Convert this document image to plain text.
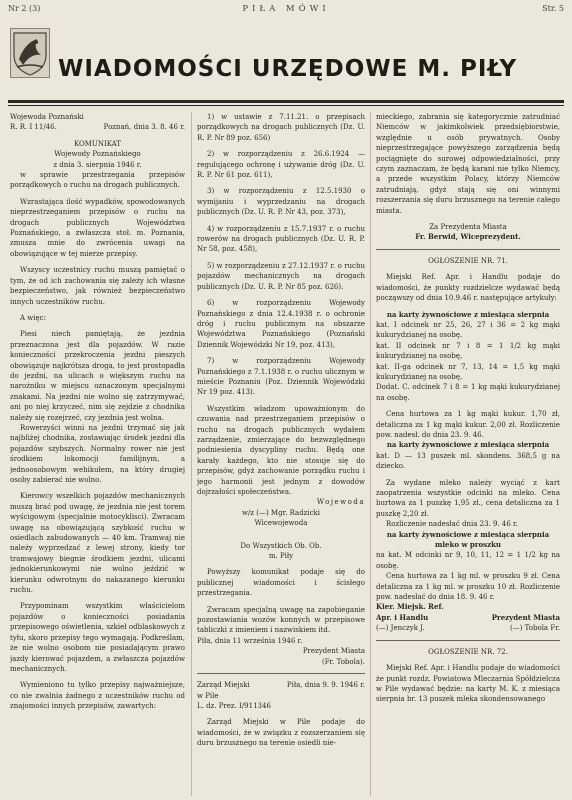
Nr 2 (3)	PIŁA MÓWI	Str. 5
WIADOMOŚCI URZĘDOWE M. PIŁY

Wojewoda Poznański

R. R. I 11/46.	Poznań, dnia 3. 8. 46 r.

KOMUNIKAT

Wojewody Poznańskiego

z dnia 3. sierpnia 1946 r.

w sprawie przestrzegania przepisów porządkowych o ruchu na drogach publicznych.

Wzrastająca ilość wypadków, spowodowanych nieprzestrzeganiem przepisów o ruchu na drogach publicznych Województwa Poznańskiego, a zwłaszcza stoł. m. Poznania, zmusza mnie do zwrócenia uwagi na obowiązujące w tej mierze przepisy.

Wszyscy uczestnicy ruchu muszą pamiętać o tym, że od ich zachowania się zależy ich własne bezpieczeństwo, jak również bezpieczeństwo innych uczestników ruchu.

A więc:

Piesi niech pamiętają, że jezdnia przeznaczona jest dla pojazdów. W razie konieczności przekroczenia jezdni pieszych obowiązuje najkrótsza droga, to jest prostopadła do jezdni, na ulicach o większym ruchu na narożniku w miejscu oznaczonym specjalnymi znakami. Na jezdni nie wolno się zatrzymywać, ani po niej krzyczeć, nim się zejdzie z chodnika należy się rozejrzeć, czy jezdnia jest wolna.

Rowerzyści winni na jezdni trzymać się jak najbliżej chodnika, zostawiając środek jezdni dla pojazdów szybszych. Normalny rower nie jest środkiem lokomocji familijnym, a jednoosobowym wehikułem, na który drugiej osoby zabierać nie wolno.

Kierowcy wszelkich pojazdów mechanicznych muszą brać pod uwagę, że jezdnia nie jest torem wyścigowym (specjalnie motocyklisci). Zwracam uwagę na obowiązującą szybkość ruchu w osiedlach zabudowanych — 40 km. Tramwaj nie należy wyprzedzać z lewej strony, kiedy tor tramwajowy biegnie środkiem jezdni, ulicami jednokierunkowymi nie wolno jeździć w kierunku odwrotnym do nakazanego kierunku ruchu.

Przypominam wszystkim właścicielom pojazdów o konieczności posiadania przepisowego oświetlenia, szkieł odblaskowych z tyłu, skoro przepisy tego wymagają. Podkreślam, że nie wolno osobom nie posiadającym prawo jazdy kierować pojazdem, a zwłaszcza pojazdów mechanicznych.

Wymieniono tu tylko przepisy najważniejsze, co nie zwalnia żadnego z uczestników ruchu od znajomości innych przepisów, zawartych:

1) w ustawie z 7.11.21. o przepisach porządkowych na drogach publicznych (Dz. U. R. P. Nr 89 poz. 656)

2) w rozporządzeniu z 26.6.1924 — regulującego ochronę i używanie dróg (Dz. U. R. P. Nr 61 poz. 611),

3) w rozporządzeniu z 12.5.1930 o wymijaniu i wyprzedzaniu na drogach publicznych (Dz. U. R. P. Nr 43, poz. 373),

4) w rozporządzeniu z 15.7.1937 r. o ruchu rowerów na drogach publicznych (Dz. U. R. P. Nr 58, poz. 458),

5) w rozporządzeniu z 27.12.1937 r. o ruchu pojazdów mechanicznych na drogach publicznych (Dz. U. R. P. Nr 85 poz. 626).

6) w rozporządzeniu Wojewody Poznańskiego z dnia 12.4.1938 r. o ochronie dróg i ruchu publicznym na obszarze Województwa Poznańskiego (Poznański Dziennik Wojewódzki Nr 19, poz. 413),

7) w rozporządzeniu Wojewody Poznańskiego z 7.1.1938 r. o ruchu ulicznym w mieście Poznaniu (Poz. Dziennik Wojewódzki Nr 19 poz. 413).

Wszystkim władzom upoważnionym do czuwania nad przestrzeganiem przepisów o ruchu na drogach publicznych wydałem zarządzenie, zmierzające do bezwzględnego podniesienia dyscypliny ruchu. Będą one karały każdego, kto nie stosuje się do przepisów, gdyż zachowanie porządku ruchu i jego harmonii jest jednym z dowodów dojrzałości społeczeństwa.

Wojewoda

w/z (—) Mgr. Radzicki

Wicewojewoda

Do Wszystkich Ob. Ob.

m. Piły

Powyższy komunikat podaje się do publicznej wiadomości i ścisłego przestrzegania.

Zwracam specjalną uwagę na zapobieganie pozostawiania wozów konnych w przepisowe tabliczki z imieniem i nazwiskiem itd.

Piła, dnia 11 września 1946 r.

Prezydent Miasta

(Fr. Tobola).

Zarząd Miejski	Piła, dnia 9. 9. 1946 r.

w Pile

L. dz. Prez. I/911346

Zarząd Miejski w Pile podaje do wiadomości, że w związku z rozszerzaniem się duru brzusznego na terenie osiedli nie-

mieckiego, zabrania się kategorycznie zatrudniać Niemców w jakimkolwiek przedsiębiorstwie, względnie u osób prywatnych. Osoby nieprzestrzegające powyższego zarządzenia będą pociągnięte do surowej odpowiedzialności, przy czym zaznaczam, że będą karani nie tylko Niemcy, a przede wszystkim Polacy, którzy Niemców zatrudniają, gdyż stają się oni winnymi rozszerzania się duru brzusznego na terenie całego miasta.

Za Prezydenta Miasta

Fr. Berwid, Wiceprezydent.

OGŁOSZENIE NR. 71.

Miejski Ref. Apr. i Handlu podaje do wiadomości, że punkty rozdzielcze wydawać będą począwszy od dnia 10.9.46 r. następujące artykuły:

na karty żywnościowe z miesiąca sierpnia

kat. I odcinek nr 25, 26, 27 i 36 = 2 kg mąki kukurydzianej na osobę.

kat. II odcinek nr 7 i 8 = 1 1/2 kg mąki kukurydzianej na osobę,

kat. II-ga odcinek nr 7, 13, 14 = 1,5 kg mąki kukurydzianej na osobę,

Dodat. C. odcinek 7 i 8 = 1 kg mąki kukurydzianej na osobę.

Cena hurtowa za 1 kg mąki kukur. 1,70 zł, detaliczna za 1 kg mąki kukur. 2,00 zł. Rozliczenie pow. nadesł. do dnia 23. 9. 46.

na karty żywnościowe z miesiąca sierpnia

kat. D — 13 puszek ml. skondens. 368,5 g na dziecko.

Za wydane mleko należy wyciąć z kart zaopatrzenia wszystkie odcinki na mleko. Cena hurtowa za 1 puszkę 1,95 zł., cena detaliczna za 1 puszkę 2,20 zł.

Rozliczenie nadesłać dnia 23. 9. 46 r.

na karty żywnościowe z miesiąca sierpnia

mleko w proszku

na kat. M odcinki nr 9, 10, 11, 12 = 1 1/2 kg na osobę.

Cena hurtowa za 1 kg ml. w proszku 9 zł. Cena detaliczna za 1 kg ml. w proszku 10 zł. Rozliczenie pow. nadesłać do dnia 18. 9. 46 r.

Kier. Miejsk. Ref.
Apr. i Handlu	Prezydent Miasta
(—) Jenczyk J.	(—) Tobola Fr.

OGŁOSZENIE NR. 72.

Miejski Ref. Apr. i Handlu podaje do wiadomości że punkt rozdz. Powiatowa Mleczarnia Spółdzielcza w Pile wydawać będzie: na karty M. K. z miesiąca sierpnia br. 13 puszek mleka skondensowanego
